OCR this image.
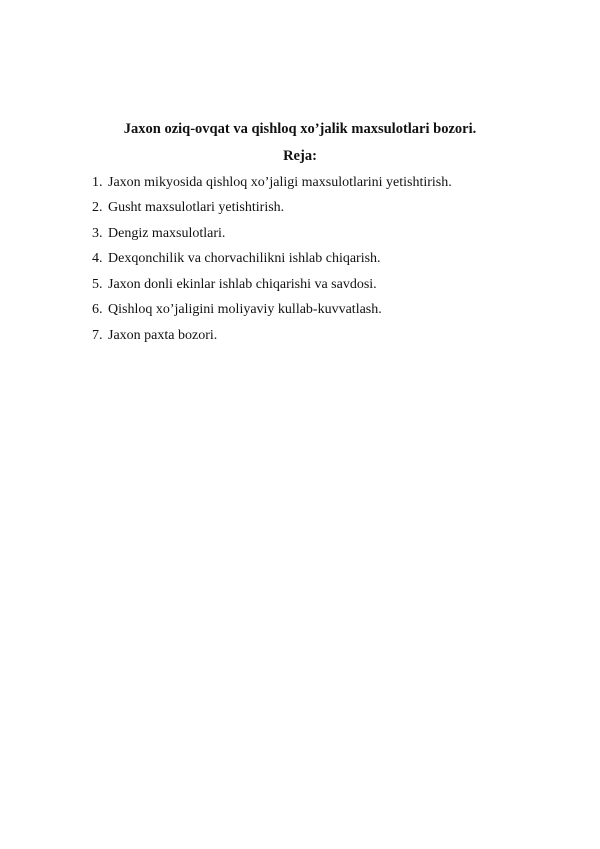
Jaxon oziq-ovqat va qishloq xo’jalik maxsulotlari bozori.
Reja:
1. Jaxon mikyosida qishloq xo’jaligi maxsulotlarini yetishtirish.
2. Gusht maxsulotlari yetishtirish.
3. Dengiz maxsulotlari.
4. Dexqonchilik va chorvachilikni ishlab chiqarish.
5. Jaxon donli ekinlar ishlab chiqarishi va savdosi.
6. Qishloq xo’jaligini moliyaviy kullab-kuvvatlash.
7. Jaxon paxta bozori.
